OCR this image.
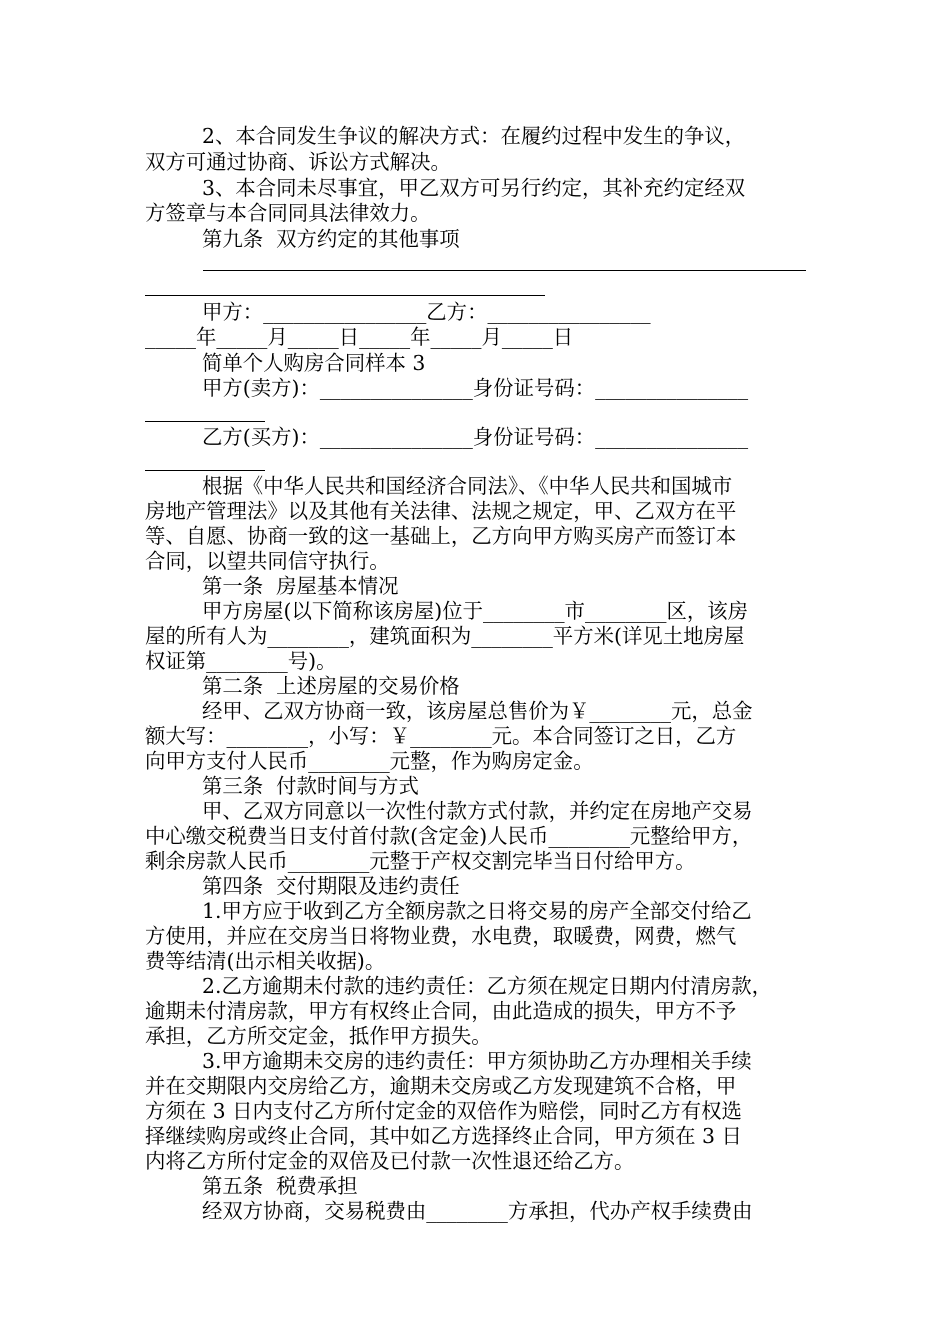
2、本合同发生争议的解决方式：在履约过程中发生的争议，
双方可通过协商、诉讼方式解决。
3、本合同未尽事宜，甲乙双方可另行约定，其补充约定经双
方签章与本合同同具法律效力。
第九条  双方约定的其他事项
甲方：________________乙方：________________
_____年_____月_____日_____年_____月_____日
简单个人购房合同样本 3
甲方(卖方)：_______________身份证号码：_______________
乙方(买方)：_______________身份证号码：_______________
根据《中华人民共和国经济合同法》、《中华人民共和国城市
房地产管理法》以及其他有关法律、法规之规定，甲、乙双方在平
等、自愿、协商一致的这一基础上，乙方向甲方购买房产而签订本
合同，以望共同信守执行。
第一条  房屋基本情况
甲方房屋(以下简称该房屋)位于________市________区，该房
屋的所有人为________，建筑面积为________平方米(详见土地房屋
权证第________号)。
第二条  上述房屋的交易价格
经甲、乙双方协商一致，该房屋总售价为￥________元，总金
额大写：________，小写：￥________元。本合同签订之日，乙方
向甲方支付人民币________元整，作为购房定金。
第三条  付款时间与方式
甲、乙双方同意以一次性付款方式付款，并约定在房地产交易
中心缴交税费当日支付首付款(含定金)人民币________元整给甲方，
剩余房款人民币________元整于产权交割完毕当日付给甲方。
第四条  交付期限及违约责任
1.甲方应于收到乙方全额房款之日将交易的房产全部交付给乙
方使用，并应在交房当日将物业费，水电费，取暖费，网费，燃气
费等结清(出示相关收据)。
2.乙方逾期未付款的违约责任：乙方须在规定日期内付清房款，
逾期未付清房款，甲方有权终止合同，由此造成的损失，甲方不予
承担，乙方所交定金，抵作甲方损失。
3.甲方逾期未交房的违约责任：甲方须协助乙方办理相关手续
并在交期限内交房给乙方，逾期未交房或乙方发现建筑不合格，甲
方须在 3 日内支付乙方所付定金的双倍作为赔偿，同时乙方有权选
择继续购房或终止合同，其中如乙方选择终止合同，甲方须在 3 日
内将乙方所付定金的双倍及已付款一次性退还给乙方。
第五条  税费承担
经双方协商，交易税费由________方承担，代办产权手续费由
